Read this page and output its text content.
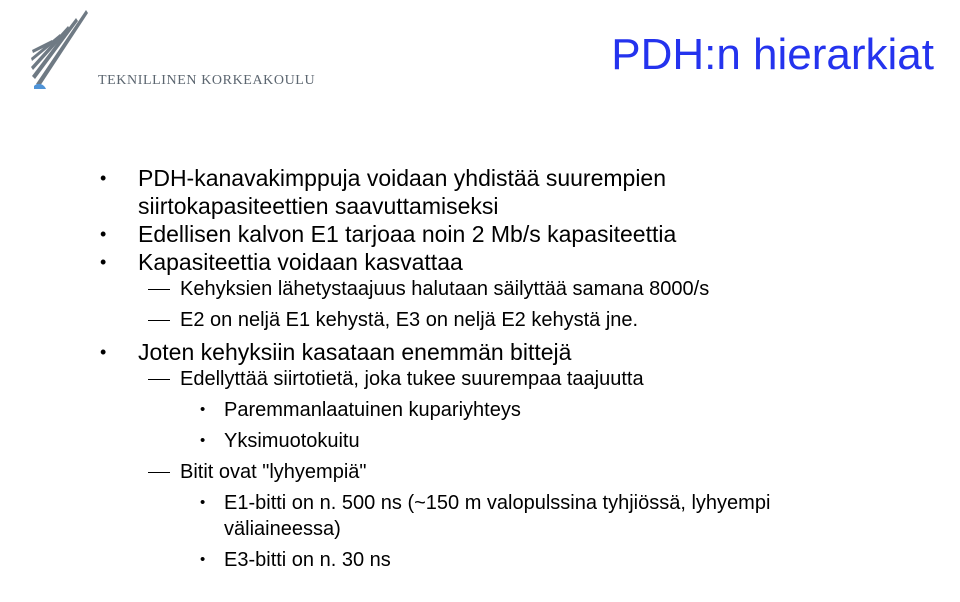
TEKNILLINEN KORKEAKOULU
PDH:n hierarkiat
PDH-kanavakimppuja voidaan yhdistää suurempien
siirtokapasiteettien saavuttamiseksi
•
Edellisen kalvon E1 tarjoaa noin 2 Mb/s kapasiteettia
•
Kapasiteettia voidaan kasvattaa
•
Kehyksien lähetystaajuus halutaan säilyttää samana 8000/s
E2 on neljä E1 kehystä, E3 on neljä E2 kehystä jne.
Joten kehyksiin kasataan enemmän bittejä
•
Edellyttää siirtotietä, joka tukee suurempaa taajuutta
Paremmanlaatuinen kupariyhteys
•
Yksimuotokuitu
•
Bitit ovat "lyhyempiä"
E1-bitti on n. 500 ns (~150 m valopulssina tyhjiössä, lyhyempi
väliaineessa)
•
E3-bitti on n. 30 ns
•
